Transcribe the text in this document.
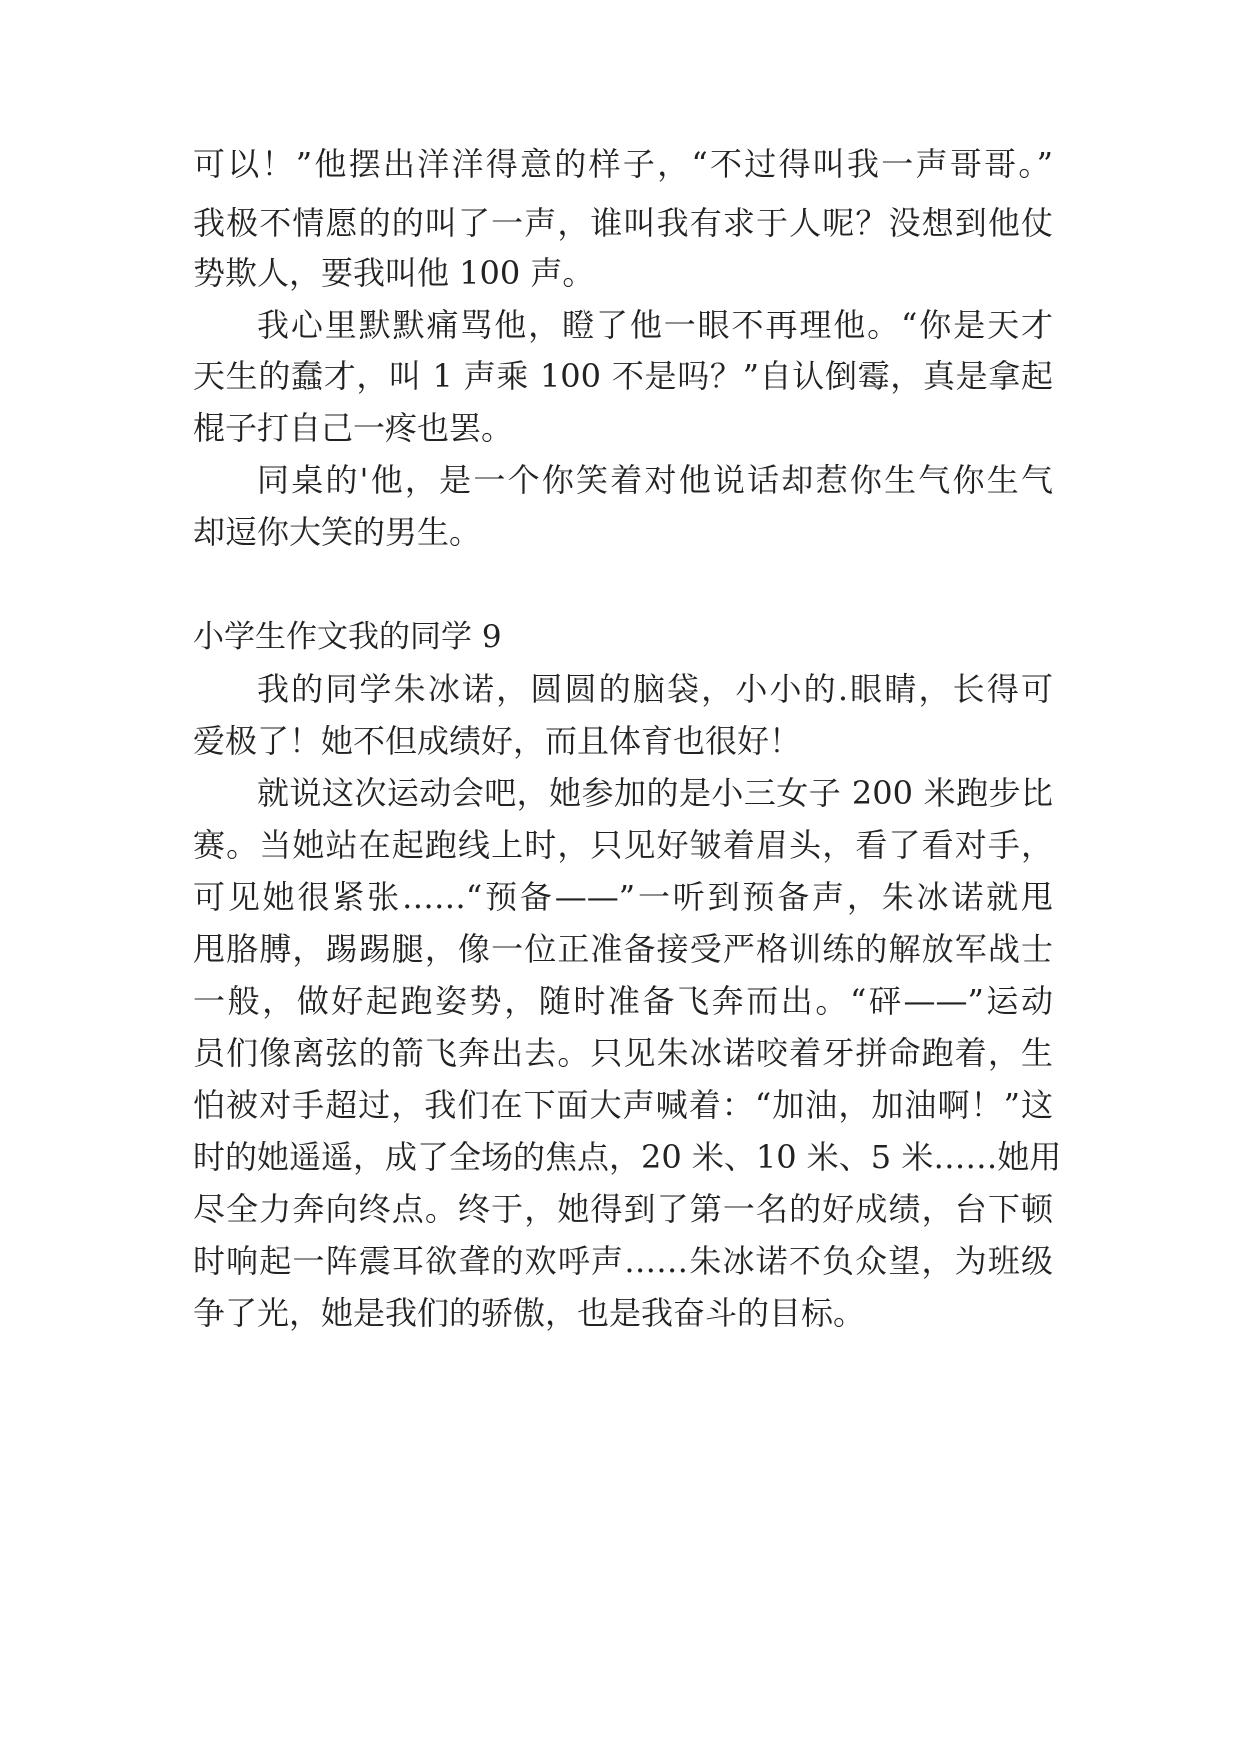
可以！”他摆出洋洋得意的样子，“不过得叫我一声哥哥。”
我极不情愿的的叫了一声，谁叫我有求于人呢？没想到他仗
势欺人，要我叫他 100 声。
我心里默默痛骂他，瞪了他一眼不再理他。“你是天才
天生的蠢才，叫 1 声乘 100 不是吗？”自认倒霉，真是拿起
棍子打自己一疼也罢。
同桌的'他，是一个你笑着对他说话却惹你生气你生气
却逗你大笑的男生。
小学生作文我的同学 9
我的同学朱冰诺，圆圆的脑袋，小小的.眼睛，长得可
爱极了！她不但成绩好，而且体育也很好！
就说这次运动会吧，她参加的是小三女子 200 米跑步比
赛。当她站在起跑线上时，只见好皱着眉头，看了看对手，
可见她很紧张……“预备——”一听到预备声，朱冰诺就甩
甩胳膊，踢踢腿，像一位正准备接受严格训练的解放军战士
一般，做好起跑姿势，随时准备飞奔而出。“砰——”运动
员们像离弦的箭飞奔出去。只见朱冰诺咬着牙拼命跑着，生
怕被对手超过，我们在下面大声喊着：“加油，加油啊！”这
时的她遥遥，成了全场的焦点，20 米、10 米、5 米……她用
尽全力奔向终点。终于，她得到了第一名的好成绩，台下顿
时响起一阵震耳欲聋的欢呼声……朱冰诺不负众望，为班级
争了光，她是我们的骄傲，也是我奋斗的目标。
